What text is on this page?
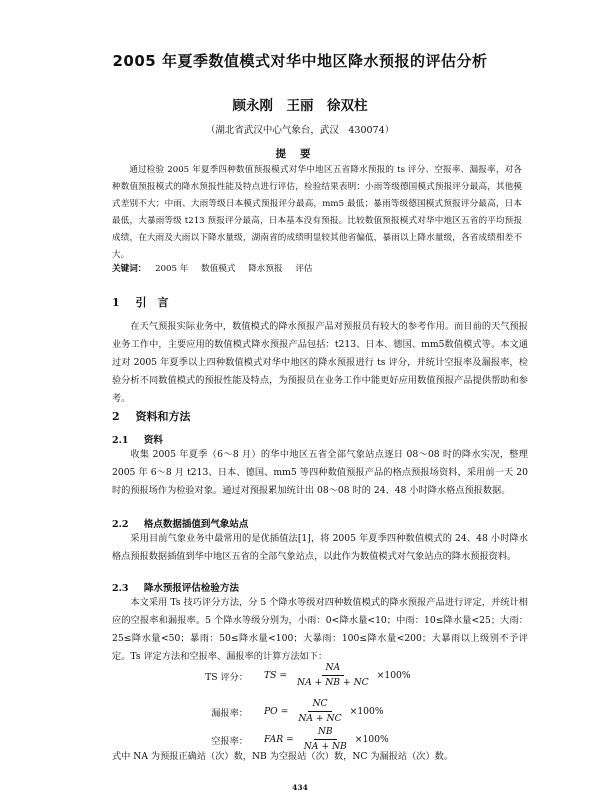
2005 年夏季数值模式对华中地区降水预报的评估分析
顾永刚　王丽　徐双柱
（湖北省武汉中心气象台，武汉　430074）
提要
通过检验 2005 年夏季四种数值预报模式对华中地区五省降水预报的 ts 评分、空报率、漏报率，对各种数值预报模式的降水预报性能及特点进行评估，检验结果表明：小雨等级德国模式预报评分最高，其他模式差别不大；中雨、大雨等级日本模式预报评分最高，mm5 最低；暴雨等级德国模式预报评分最高，日本最低，大暴雨等级 t213 预报评分最高，日本基本没有预报。比较数值预报模式对华中地区五省的平均预报成绩，在大雨及大雨以下降水量级，湖南省的成绩明显较其他省偏低，暴雨以上降水量级，各省成绩相差不大。
关键词： 2005 年 数值模式 降水预报 评估
1 引　言
在天气预报实际业务中，数值模式的降水预报产品对预报员有较大的参考作用。而目前的天气预报业务工作中，主要应用的数值模式降水预报产品包括：t213、日本、德国、mm5数值模式等。本文通过对 2005 年夏季以上四种数值模式对华中地区的降水预报进行 ts 评分，并统计空报率及漏报率，检验分析不同数值模式的预报性能及特点，为预报员在业务工作中能更好应用数值预报产品提供帮助和参考。
2 资料和方法
2.1 资料
收集 2005 年夏季（6～8 月）的华中地区五省全部气象站点逐日 08～08 时的降水实况，整理 2005 年 6～8 月 t213、日本、德国、mm5 等四种数值预报产品的格点预报场资料，采用前一天 20 时的预报场作为检验对象。通过对预报累加统计出 08～08 时的 24、48 小时降水格点预报数据。
2.2 格点数据插值到气象站点
采用目前气象业务中最常用的是优插值法[1]，将 2005 年夏季四种数值模式的 24、48 小时降水格点预报数据插值到华中地区五省的全部气象站点，以此作为数值模式对气象站点的降水预报资料。
2.3 降水预报评估检验方法
本文采用 Ts 技巧评分方法，分 5 个降水等级对四种数值模式的降水预报产品进行评定，并统计相应的空报率和漏报率。5 个降水等级分别为，小雨：0<降水量<10；中雨：10≤降水量<25；大雨：25≤降水量<50；暴雨：50≤降水量<100；大暴雨：100≤降水量<200；大暴雨以上级别不予评定。Ts 评定方法和空报率、漏报率的计算方法如下：
TS 评分： TS = $\frac{NA}{NA + NB + NC} \times 100\%$
漏报率： PO = $\frac{NC}{NA + NC} \times 100\%$
空报率： FAR = $\frac{NB}{NA + NB} \times 100\%$
式中 NA 为预报正确站（次）数，NB 为空报站（次）数，NC 为漏报站（次）数。
434
